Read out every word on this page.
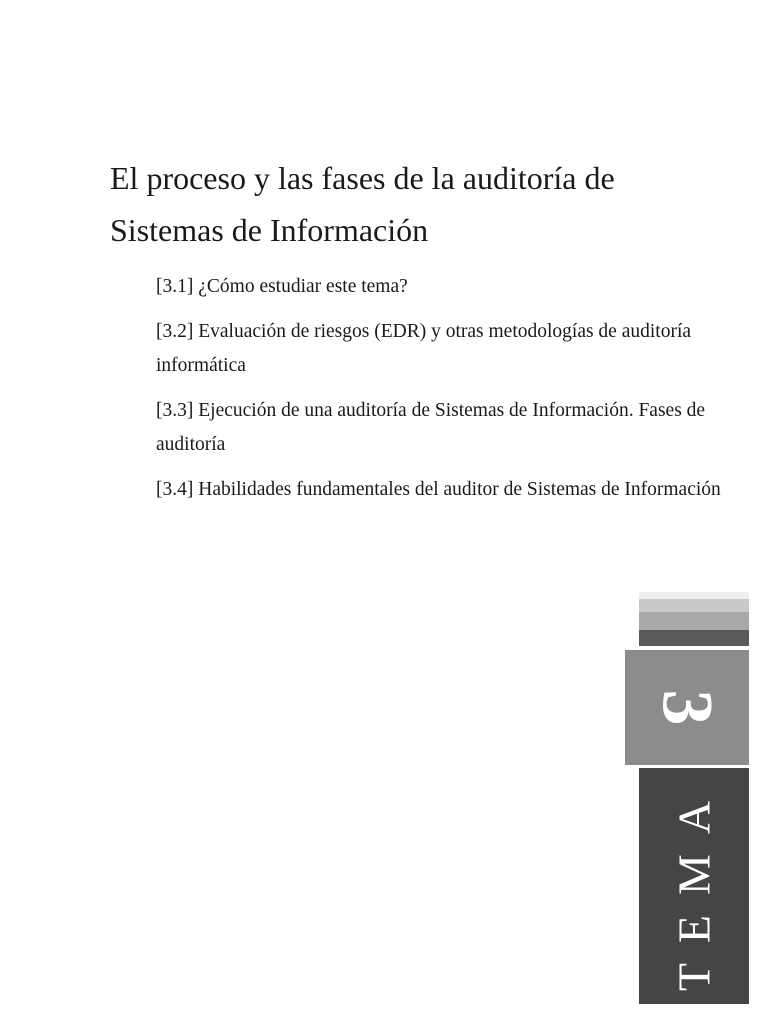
El proceso y las fases de la auditoría de Sistemas de Información
[3.1] ¿Cómo estudiar este tema?
[3.2] Evaluación de riesgos (EDR) y otras metodologías de auditoría informática
[3.3] Ejecución de una auditoría de Sistemas de Información. Fases de auditoría
[3.4] Habilidades fundamentales del auditor de Sistemas de Información
3
TEMA
